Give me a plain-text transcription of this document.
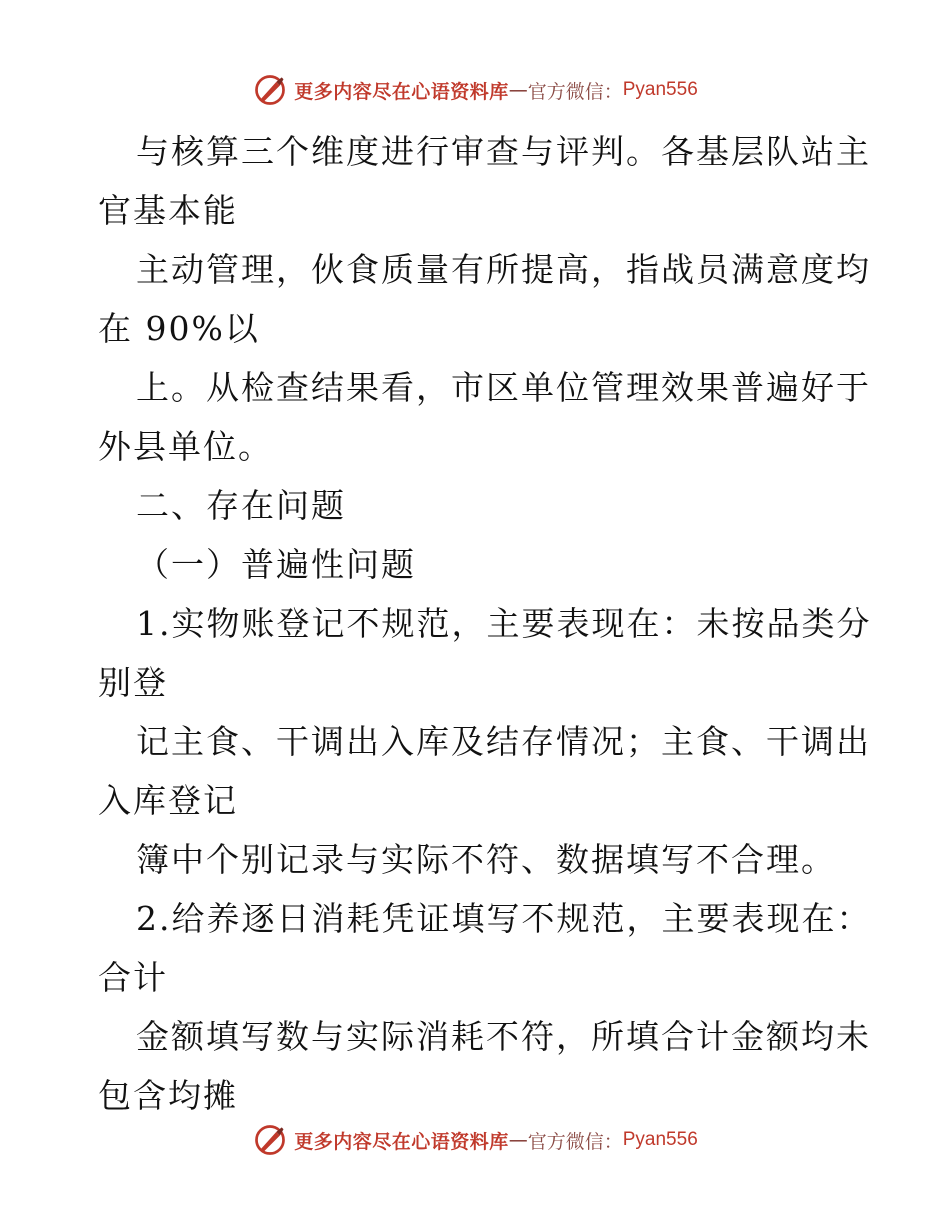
更多内容尽在心语资料库 — 官方微信： Pyan556
与核算三个维度进行审查与评判。各基层队站主
官基本能
主动管理，伙食质量有所提高，指战员满意度均
在 90%以
上。从检查结果看，市区单位管理效果普遍好于
外县单位。
二、存在问题
（一）普遍性问题
1.实物账登记不规范，主要表现在：未按品类分
别登
记主食、干调出入库及结存情况；主食、干调出
入库登记
簿中个别记录与实际不符、数据填写不合理。
2.给养逐日消耗凭证填写不规范，主要表现在：
合计
金额填写数与实际消耗不符，所填合计金额均未
包含均摊
更多内容尽在心语资料库 — 官方微信： Pyan556
